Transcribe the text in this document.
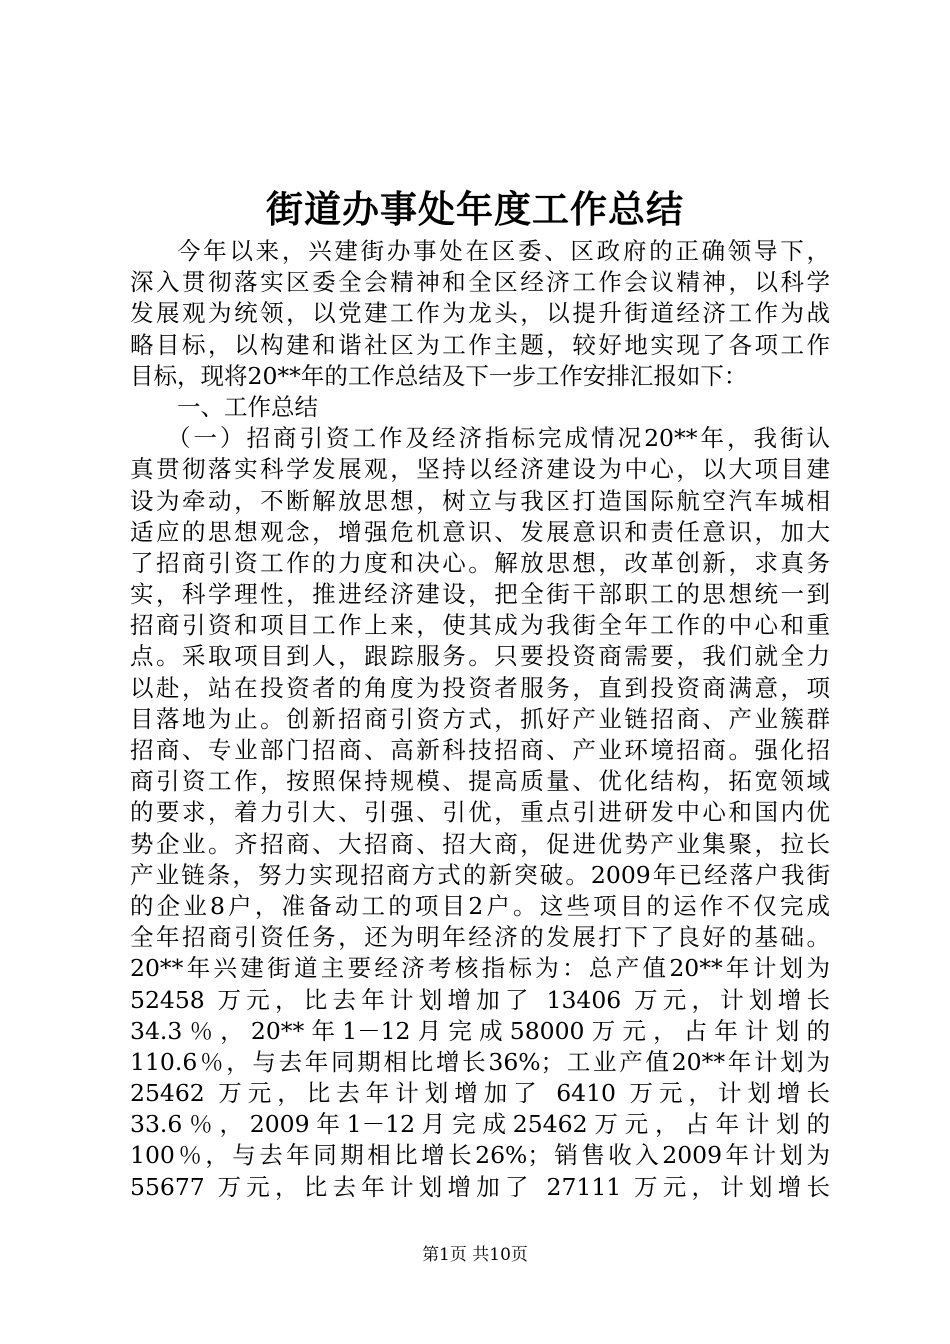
街道办事处年度工作总结
今年以来，兴建街办事处在区委、区政府的正确领导下，
深入贯彻落实区委全会精神和全区经济工作会议精神，以科学
发展观为统领，以党建工作为龙头，以提升街道经济工作为战
略目标，以构建和谐社区为工作主题，较好地实现了各项工作
目标，现将20**年的工作总结及下一步工作安排汇报如下：
一、工作总结
（一）招商引资工作及经济指标完成情况20**年，我街认
真贯彻落实科学发展观，坚持以经济建设为中心，以大项目建
设为牵动，不断解放思想，树立与我区打造国际航空汽车城相
适应的思想观念，增强危机意识、发展意识和责任意识，加大
了招商引资工作的力度和决心。解放思想，改革创新，求真务
实，科学理性，推进经济建设，把全街干部职工的思想统一到
招商引资和项目工作上来，使其成为我街全年工作的中心和重
点。采取项目到人，跟踪服务。只要投资商需要，我们就全力
以赴，站在投资者的角度为投资者服务，直到投资商满意，项
目落地为止。创新招商引资方式，抓好产业链招商、产业簇群
招商、专业部门招商、高新科技招商、产业环境招商。强化招
商引资工作，按照保持规模、提高质量、优化结构，拓宽领域
的要求，着力引大、引强、引优，重点引进研发中心和国内优
势企业。齐招商、大招商、招大商，促进优势产业集聚，拉长
产业链条，努力实现招商方式的新突破。2009年已经落户我街
的企业8户，准备动工的项目2户。这些项目的运作不仅完成
全年招商引资任务，还为明年经济的发展打下了良好的基础。
20**年兴建街道主要经济考核指标为：总产值20**年计划为
52458 万元，比去年计划增加了 13406 万元，计划增长
34.3％，20**年1－12月完成58000万元，占年计划的
110.6％，与去年同期相比增长36%；工业产值20**年计划为
25462 万元，比去年计划增加了 6410 万元，计划增长
33.6％，2009年1－12月完成25462万元，占年计划的
100％，与去年同期相比增长26%；销售收入2009年计划为
55677 万元，比去年计划增加了 27111 万元，计划增长
第1页 共10页
